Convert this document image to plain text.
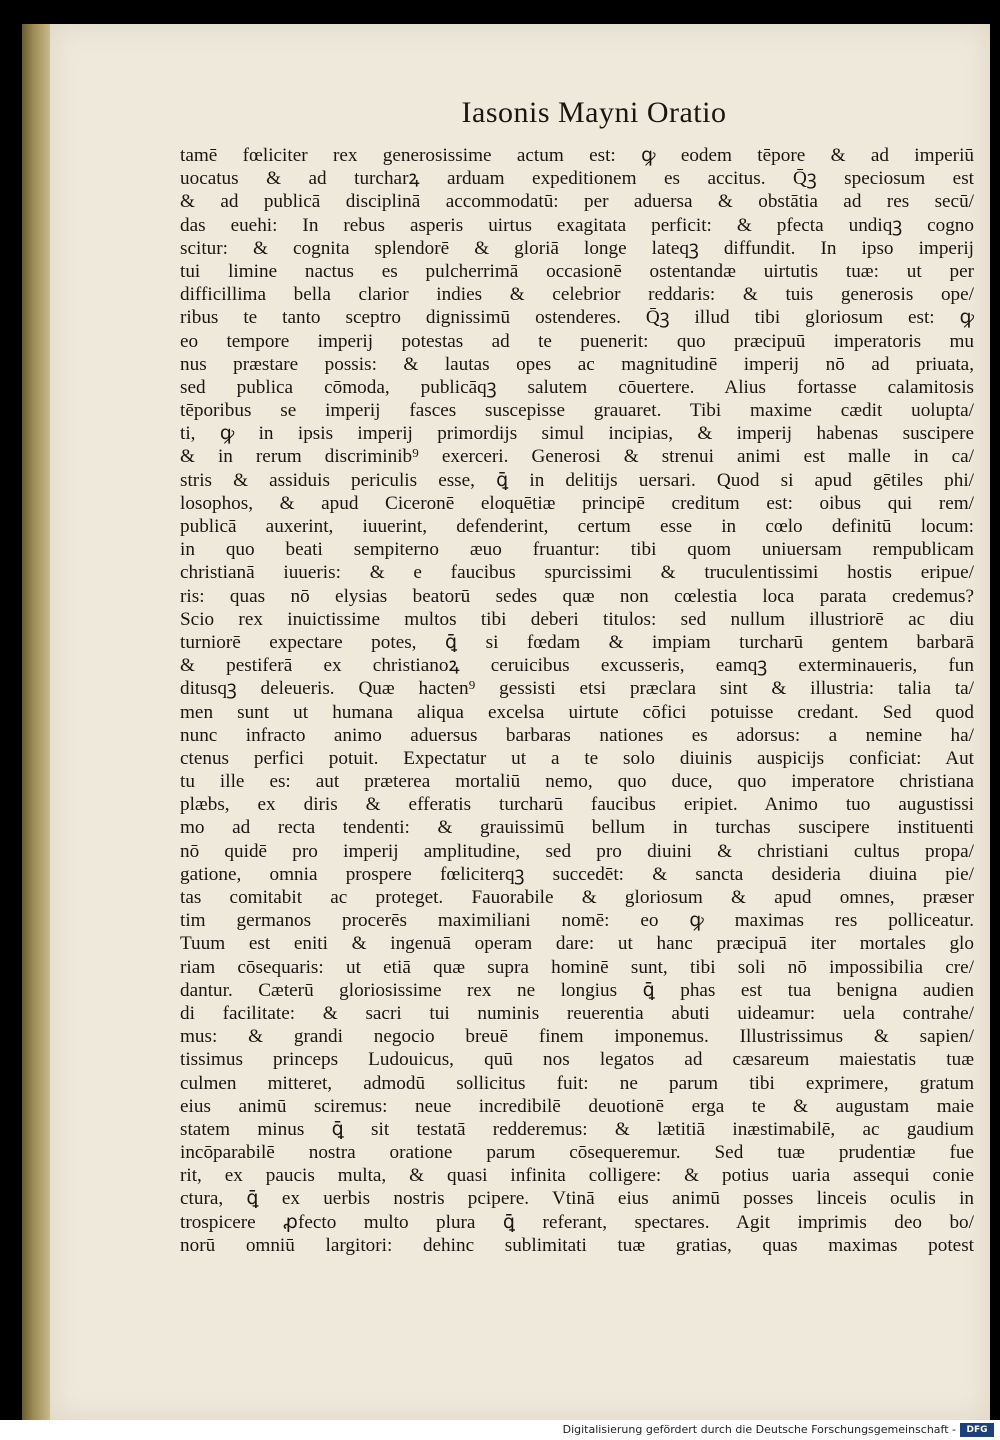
Iasonis Mayni Oratio
tamē fœliciter rex generosissime actum est: ꝙ eodem tēpore & ad imperiū
uocatus & ad turcharꝝ arduam expeditionem es accitus. Q̄ꝫ speciosum est
& ad publicā disciplinā accommodatū: per aduersa & obstātia ad res secū/
das euehi: In rebus asperis uirtus exagitata perficit: & pfecta undiqꝫ cogno
scitur: & cognita splendorē & gloriā longe lateqꝫ diffundit. In ipso imperij
tui limine nactus es pulcherrimā occasionē ostentandæ uirtutis tuæ: ut per
difficillima bella clarior indies & celebrior reddaris: & tuis generosis ope/
ribus te tanto sceptro dignissimū ostenderes. Q̄ꝫ illud tibi gloriosum est: ꝙ
eo tempore imperij potestas ad te puenerit: quo præcipuū imperatoris mu
nus præstare possis: & lautas opes ac magnitudinē imperij nō ad priuata,
sed publica cōmoda, publicāqꝫ salutem cōuertere. Alius fortasse calamitosis
tēporibus se imperij fasces suscepisse grauaret. Tibi maxime cædit uolupta/
ti, ꝙ in ipsis imperij primordijs simul incipias, & imperij habenas suscipere
& in rerum discriminib⁹ exerceri. Generosi & strenui animi est malle in ca/
stris & assiduis periculis esse, ꝗ̄ in delitijs uersari. Quod si apud gētiles phi/
losophos, & apud Ciceronē eloquētiæ principē creditum est: oibus qui rem/
publicā auxerint, iuuerint, defenderint, certum esse in cœlo definitū locum:
in quo beati sempiterno æuo fruantur: tibi quom uniuersam rempublicam
christianā iuueris: & e faucibus spurcissimi & truculentissimi hostis eripue/
ris: quas nō elysias beatorū sedes quæ non cœlestia loca parata credemus?
Scio rex inuictissime multos tibi deberi titulos: sed nullum illustriorē ac diu
turniorē expectare potes, ꝗ̄ si fœdam & impiam turcharū gentem barbarā
& pestiferā ex christianoꝝ ceruicibus excusseris, eamqꝫ exterminaueris, fun
ditusqꝫ deleueris. Quæ hacten⁹ gessisti etsi præclara sint & illustria: talia ta/
men sunt ut humana aliqua excelsa uirtute cōfici potuisse credant. Sed quod
nunc infracto animo aduersus barbaras nationes es adorsus: a nemine ha/
ctenus perfici potuit. Expectatur ut a te solo diuinis auspicijs conficiat: Aut
tu ille es: aut præterea mortaliū nemo, quo duce, quo imperatore christiana
plæbs, ex diris & efferatis turcharū faucibus eripiet. Animo tuo augustissi
mo ad recta tendenti: & grauissimū bellum in turchas suscipere instituenti
nō quidē pro imperij amplitudine, sed pro diuini & christiani cultus propa/
gatione, omnia prospere fœliciterqꝫ succedēt: & sancta desideria diuina pie/
tas comitabit ac proteget. Fauorabile & gloriosum & apud omnes, præser
tim germanos procerēs maximiliani nomē: eo ꝙ maximas res polliceatur.
Tuum est eniti & ingenuā operam dare: ut hanc præcipuā iter mortales glo
riam cōsequaris: ut etiā quæ supra hominē sunt, tibi soli nō impossibilia cre/
dantur. Cæterū gloriosissime rex ne longius ꝗ̄ phas est tua benigna audien
di facilitate: & sacri tui numinis reuerentia abuti uideamur: uela contrahe/
mus: & grandi negocio breuē finem imponemus. Illustrissimus & sapien/
tissimus princeps Ludouicus, quū nos legatos ad cæsareum maiestatis tuæ
culmen mitteret, admodū sollicitus fuit: ne parum tibi exprimere, gratum
eius animū sciremus: neue incredibilē deuotionē erga te & augustam maie
statem minus ꝗ̄ sit testatā redderemus: & lætitiā inæstimabilē, ac gaudium
incōparabilē nostra oratione parum cōsequeremur. Sed tuæ prudentiæ fue
rit, ex paucis multa, & quasi infinita colligere: & potius uaria assequi conie
ctura, ꝗ̄ ex uerbis nostris pcipere. Vtinā eius animū posses linceis oculis in
trospicere ꝓfecto multo plura ꝗ̄ referant, spectares. Agit imprimis deo bo/
norū omniū largitori: dehinc sublimitati tuæ gratias, quas maximas potest
Digitalisierung gefördert durch die Deutsche Forschungsgemeinschaft -	DFG
